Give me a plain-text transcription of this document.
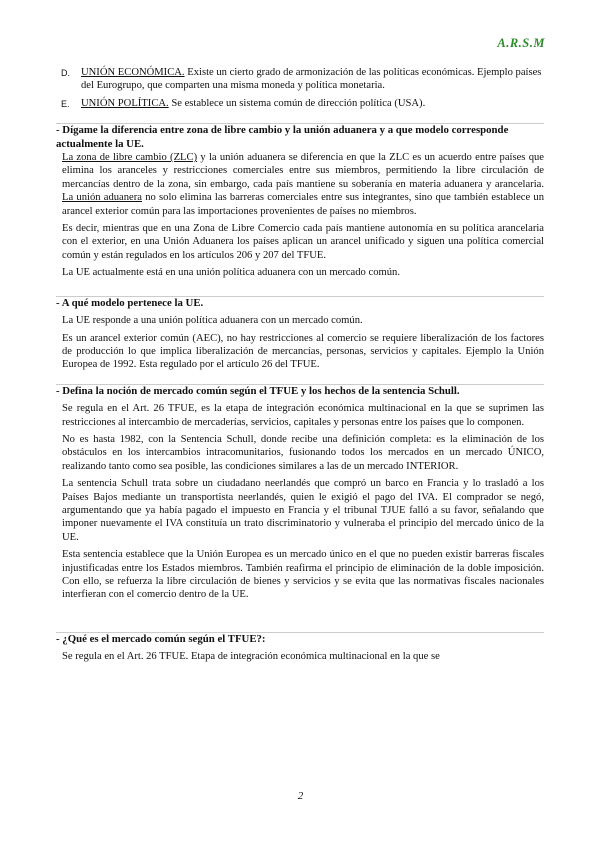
A.R.S.M
D.	UNIÓN ECONÓMICA. Existe un cierto grado de armonización de las políticas económicas. Ejemplo países del Eurogrupo, que comparten una misma moneda y política monetaria.
E.	UNIÓN POLÍTICA. Se establece un sistema común de dirección política (USA).
- Dígame la diferencia entre zona de libre cambio y la unión aduanera y a que modelo corresponde actualmente la UE.

La zona de libre cambio (ZLC) y la unión aduanera se diferencia en que la ZLC es un acuerdo entre países que elimina los aranceles y restricciones comerciales entre sus miembros, permitiendo la libre circulación de mercancías dentro de la zona, sin embargo, cada país mantiene su soberanía en materia aduanera y arancelaria. La unión aduanera no solo elimina las barreras comerciales entre sus integrantes, sino que también establece un arancel exterior común para las importaciones provenientes de países no miembros.

Es decir, mientras que en una Zona de Libre Comercio cada país mantiene autonomía en su política arancelaria con el exterior, en una Unión Aduanera los países aplican un arancel unificado y siguen una política comercial común y están regulados en los artículos 206 y 207 del TFUE.

La UE actualmente está en una unión política aduanera con un mercado común.

- A qué modelo pertenece la UE.

La UE responde a una unión política aduanera con un mercado común.

Es un arancel exterior común (AEC), no hay restricciones al comercio se requiere liberalización de los factores de producción lo que implica liberalización de mercancías, personas, servicios y capitales. Ejemplo la Unión Europea de 1992. Esta regulado por el artículo 26 del TFUE.

- Defina la noción de mercado común según el TFUE y los hechos de la sentencia Schull.

Se regula en el Art. 26 TFUE, es la etapa de integración económica multinacional en la que se suprimen las restricciones al intercambio de mercaderías, servicios, capitales y personas entre los países que lo componen.

No es hasta 1982, con la Sentencia Schull, donde recibe una definición completa: es la eliminación de los obstáculos en los intercambios intracomunitarios, fusionando todos los mercados en un mercado ÚNICO, realizando tanto como sea posible, las condiciones similares a las de un mercado INTERIOR.

La sentencia Schull trata sobre un ciudadano neerlandés que compró un barco en Francia y lo trasladó a los Países Bajos mediante un transportista neerlandés, quien le exigió el pago del IVA. El comprador se negó, argumentando que ya había pagado el impuesto en Francia y el tribunal TJUE falló a su favor, señalando que imponer nuevamente el IVA constituía un trato discriminatorio y vulneraba el principio del mercado único de la UE.

Esta sentencia establece que la Unión Europea es un mercado único en el que no pueden existir barreras fiscales injustificadas entre los Estados miembros. También reafirma el principio de eliminación de la doble imposición. Con ello, se refuerza la libre circulación de bienes y servicios y se evita que las normativas fiscales nacionales interfieran con el comercio dentro de la UE.

- ¿Qué es el mercado común según el TFUE?:

Se regula en el Art. 26 TFUE. Etapa de integración económica multinacional en la que se

2
